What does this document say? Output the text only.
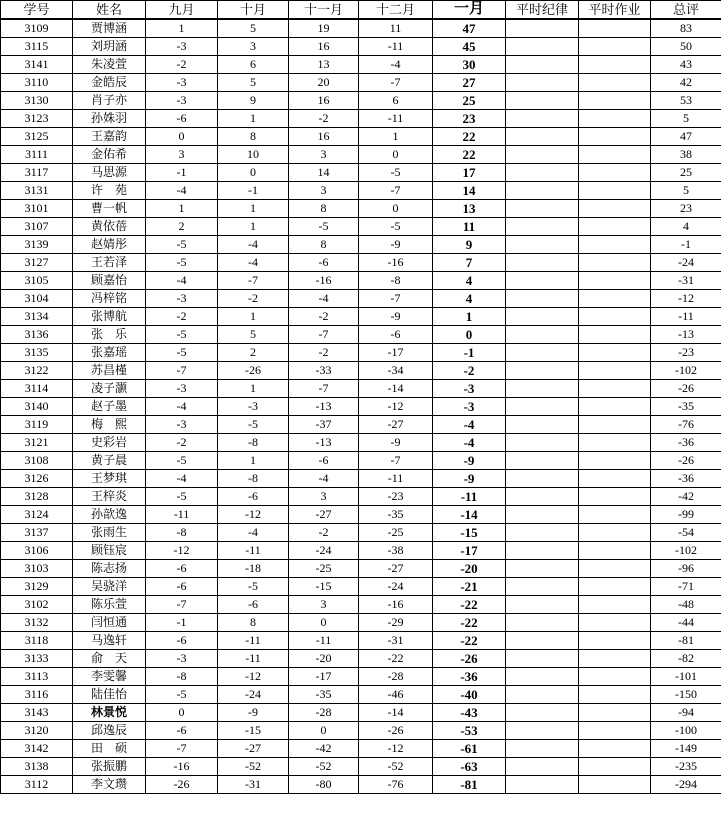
学号	姓名	九月	十月	十一月	十二月	一月	平时纪律	平时作业	总评
3109	贾博涵	1	5	19	11	47			83
3115	刘玥涵	-3	3	16	-11	45			50
3141	朱凌萱	-2	6	13	-4	30			43
3110	金皓辰	-3	5	20	-7	27			42
3130	肖子亦	-3	9	16	6	25			53
3123	孙姝羽	-6	1	-2	-11	23			5
3125	王嘉韵	0	8	16	1	22			47
3111	金佑希	3	10	3	0	22			38
3117	马思源	-1	0	14	-5	17			25
3131	许　苑	-4	-1	3	-7	14			5
3101	曹一帆	1	1	8	0	13			23
3107	黄依蓓	2	1	-5	-5	11			4
3139	赵婧彤	-5	-4	8	-9	9			-1
3127	王若泽	-5	-4	-6	-16	7			-24
3105	顾嘉怡	-4	-7	-16	-8	4			-31
3104	冯梓铭	-3	-2	-4	-7	4			-12
3134	张博航	-2	1	-2	-9	1			-11
3136	张　乐	-5	5	-7	-6	0			-13
3135	张嘉瑶	-5	2	-2	-17	-1			-23
3122	苏昌槿	-7	-26	-33	-34	-2			-102
3114	凌子灏	-3	1	-7	-14	-3			-26
3140	赵子墨	-4	-3	-13	-12	-3			-35
3119	梅　熙	-3	-5	-37	-27	-4			-76
3121	史彩岩	-2	-8	-13	-9	-4			-36
3108	黄子晨	-5	1	-6	-7	-9			-26
3126	王梦琪	-4	-8	-4	-11	-9			-36
3128	王梓炎	-5	-6	3	-23	-11			-42
3124	孙歆逸	-11	-12	-27	-35	-14			-99
3137	张雨生	-8	-4	-2	-25	-15			-54
3106	顾钰宸	-12	-11	-24	-38	-17			-102
3103	陈志扬	-6	-18	-25	-27	-20			-96
3129	吴骁洋	-6	-5	-15	-24	-21			-71
3102	陈乐萱	-7	-6	3	-16	-22			-48
3132	闫恒通	-1	8	0	-29	-22			-44
3118	马逸轩	-6	-11	-11	-31	-22			-81
3133	俞　天	-3	-11	-20	-22	-26			-82
3113	李雯馨	-8	-12	-17	-28	-36			-101
3116	陆佳怡	-5	-24	-35	-46	-40			-150
3143	林景悦	0	-9	-28	-14	-43			-94
3120	邱逸辰	-6	-15	0	-26	-53			-100
3142	田　硕	-7	-27	-42	-12	-61			-149
3138	张振鹏	-16	-52	-52	-52	-63			-235
3112	李文瓒	-26	-31	-80	-76	-81			-294
